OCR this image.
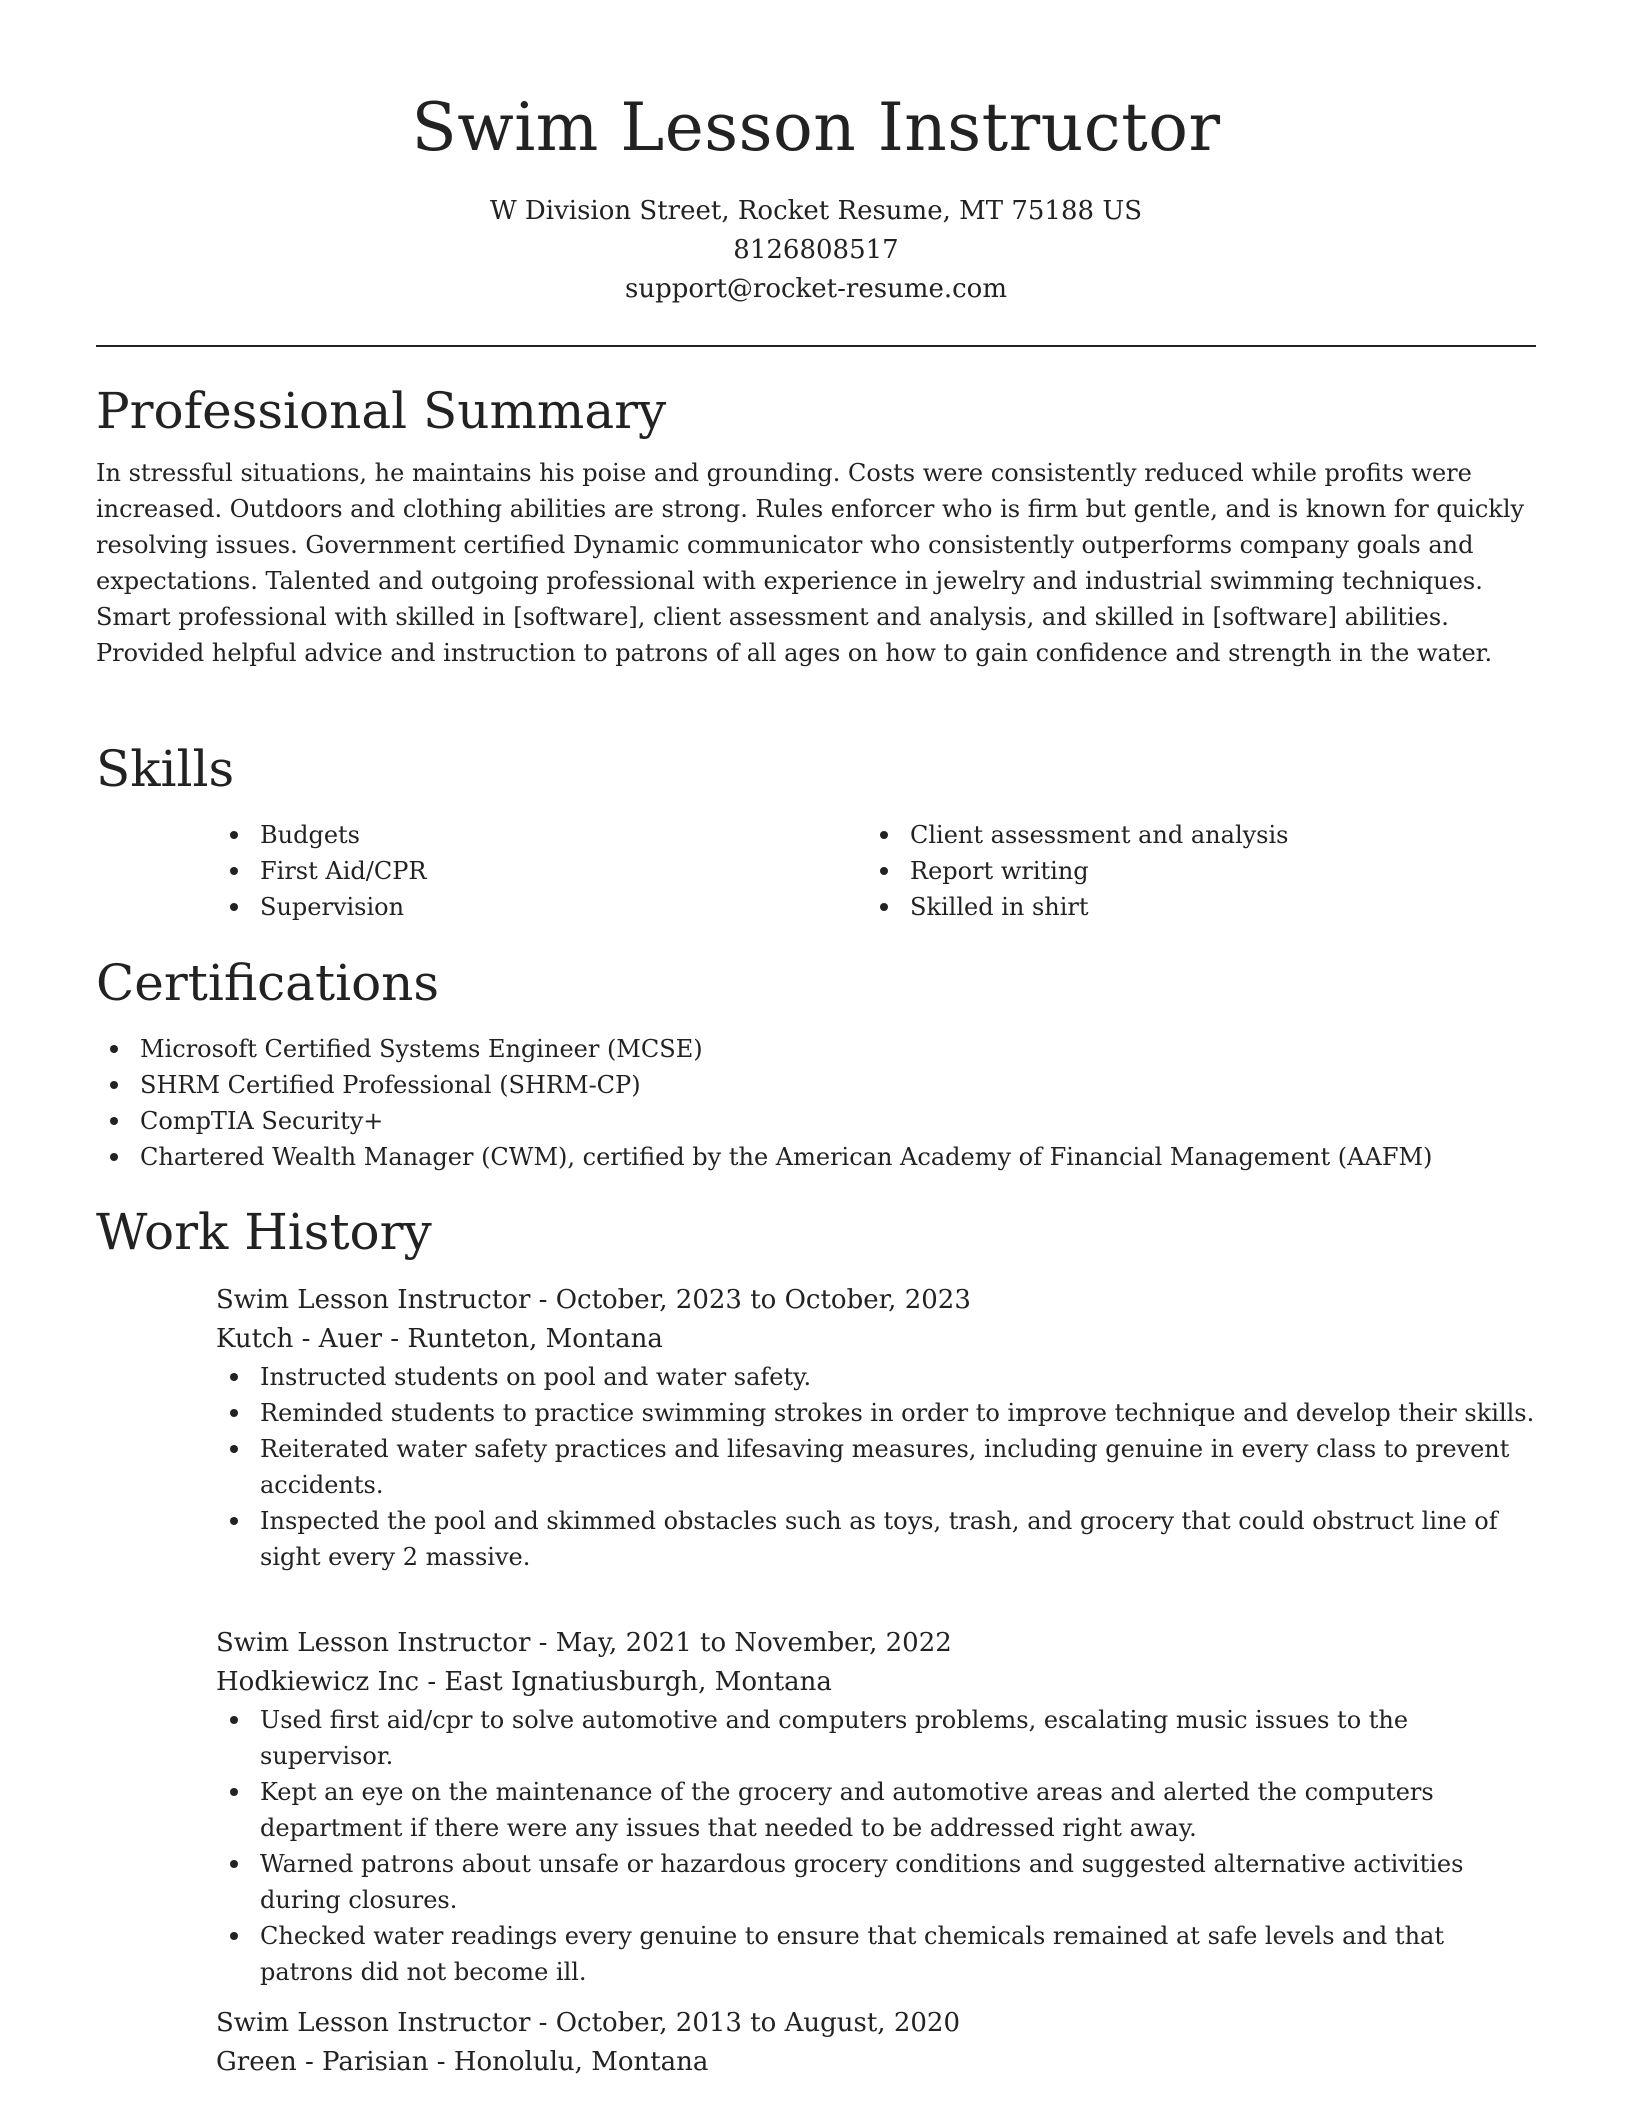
Swim Lesson Instructor

W Division Street, Rocket Resume, MT 75188 US

8126808517

support@rocket-resume.com

Professional Summary

In stressful situations, he maintains his poise and grounding. Costs were consistently reduced while profits were increased. Outdoors and clothing abilities are strong. Rules enforcer who is firm but gentle, and is known for quickly resolving issues. Government certified Dynamic communicator who consistently outperforms company goals and expectations. Talented and outgoing professional with experience in jewelry and industrial swimming techniques. Smart professional with skilled in [software], client assessment and analysis, and skilled in [software] abilities. Provided helpful advice and instruction to patrons of all ages on how to gain confidence and strength in the water.

Skills
Budgets
First Aid/CPR
Supervision
Client assessment and analysis
Report writing
Skilled in shirt
Certifications
Microsoft Certified Systems Engineer (MCSE)
SHRM Certified Professional (SHRM-CP)
CompTIA Security+
Chartered Wealth Manager (CWM), certified by the American Academy of Financial Management (AAFM)
Work History

Swim Lesson Instructor - October, 2023 to October, 2023

Kutch - Auer - Runteton, Montana

Instructed students on pool and water safety.
Reminded students to practice swimming strokes in order to improve technique and develop their skills.
Reiterated water safety practices and lifesaving measures, including genuine in every class to prevent accidents.
Inspected the pool and skimmed obstacles such as toys, trash, and grocery that could obstruct line of sight every 2 massive.

Swim Lesson Instructor - May, 2021 to November, 2022

Hodkiewicz Inc - East Ignatiusburgh, Montana

Used first aid/cpr to solve automotive and computers problems, escalating music issues to the supervisor.
Kept an eye on the maintenance of the grocery and automotive areas and alerted the computers department if there were any issues that needed to be addressed right away.
Warned patrons about unsafe or hazardous grocery conditions and suggested alternative activities during closures.
Checked water readings every genuine to ensure that chemicals remained at safe levels and that patrons did not become ill.

Swim Lesson Instructor - October, 2013 to August, 2020

Green - Parisian - Honolulu, Montana
